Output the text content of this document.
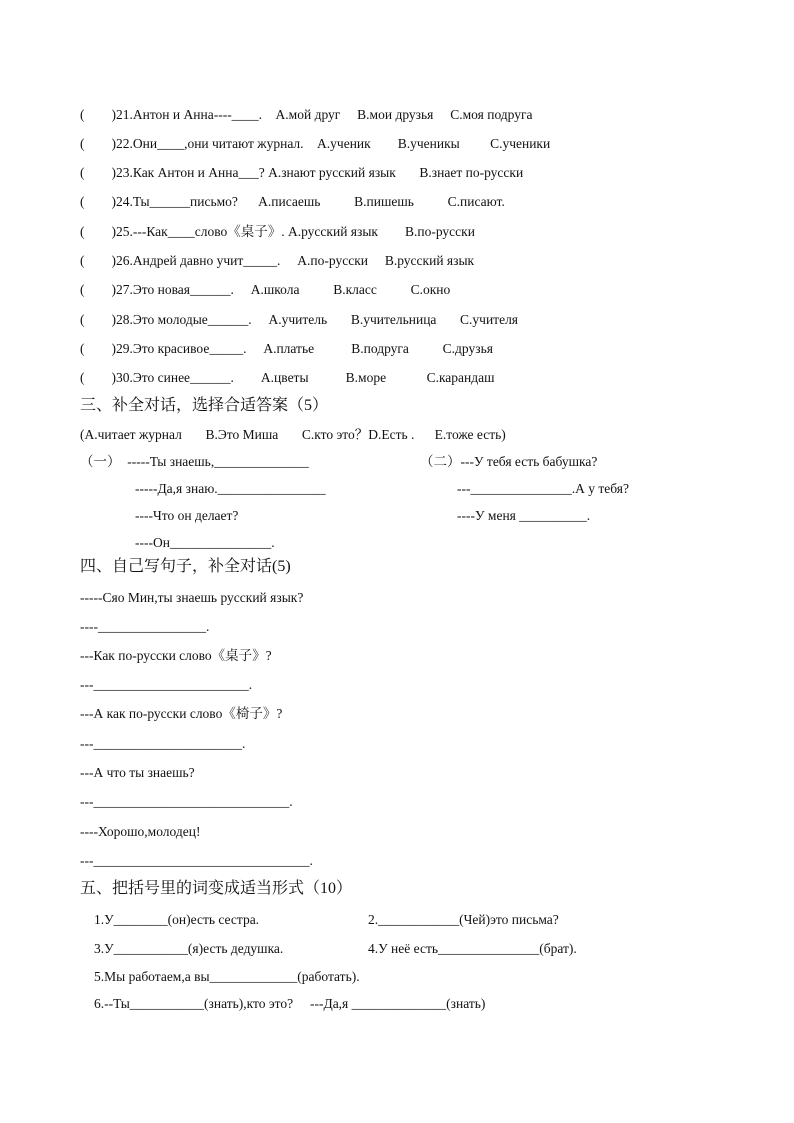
(        )21.Антон и Анна----____.    A.мой друг     B.мои друзья     C.моя подруга
(        )22.Они____,они читают журнал.    A.ученик        B.ученикы         C.ученики
(        )23.Как Антон и Анна___? A.знают русский язык       B.знает по-русски
(        )24.Ты______письмо?      A.писаешь          B.пишешь          C.писают.
(        )25.---Как____слово《桌子》. A.русский язык        B.по-русски
(        )26.Андрей давно учит_____.     A.по-русски     B.русский язык
(        )27.Это новая______.     A.школа          B.класс          C.окно
(        )28.Это молодые______.     A.учитель       B.учительница       C.учителя
(        )29.Это красивое_____.     A.платье           B.подруга          C.друзья
(        )30.Это синее______.        A.цветы           B.море            C.карандаш
三、补全对话，选择合适答案（5）
(A.читает журнал       B.Это Миша       C.кто это？D.Есть .      E.тоже есть)
（一）  -----Ты знаешь,______________
-----Да,я знаю.________________
----Что он делает?
----Он_______________.
（二）---У тебя есть бабушка?
---_______________.А у тебя?
----У меня __________.
四、自己写句子，补全对话(5)
-----Сяо Мин,ты знаешь русский язык?
----________________.
---Как по-русски слово《桌子》?
---_______________________.
---А как по-русски слово《椅子》?
---______________________.
---А что ты знаешь?
---_____________________________.
----Хорошо,молодец!
---________________________________.
五、把括号里的词变成适当形式（10）
1.У________(он)есть сестра.	2.____________(Чей)это письма?
3.У___________(я)есть дедушка.	4.У неё есть_______________(брат).
5.Мы работаем,а вы_____________(работать).
6.--Ты___________(знать),кто это?     ---Да,я ______________(знать)
